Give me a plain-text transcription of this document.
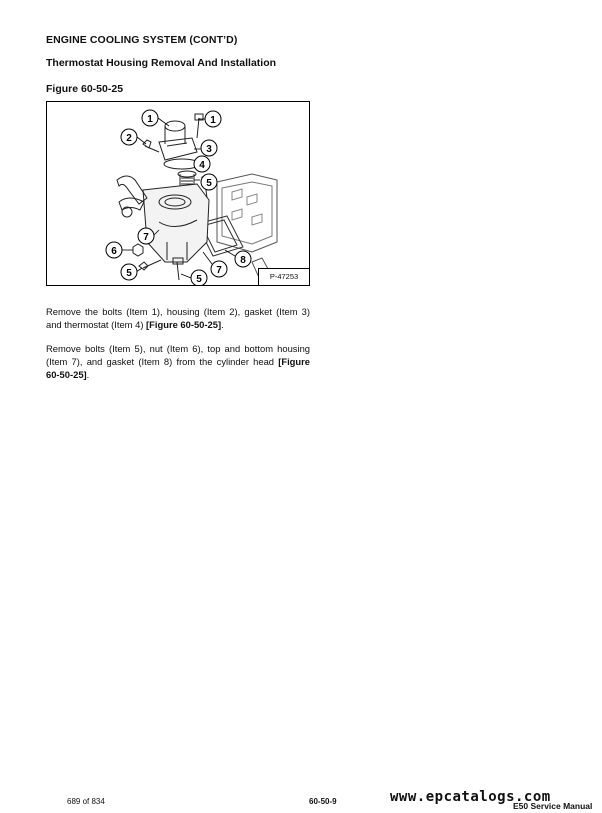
ENGINE COOLING SYSTEM (CONT’D)
Thermostat Housing Removal And Installation
Figure 60-50-25
1	1
2
3
4
5
7
6
5
5
7
8
P-47253
Remove the bolts (Item 1), housing (Item 2), gasket (Item 3) and thermostat (Item 4) [Figure 60-50-25].
Remove bolts (Item 5), nut (Item 6), top and bottom housing (Item 7), and gasket (Item 8) from the cylinder head [Figure 60-50-25].
689 of 834	60-50-9	www.epcatalogs.com
E50 Service Manual
